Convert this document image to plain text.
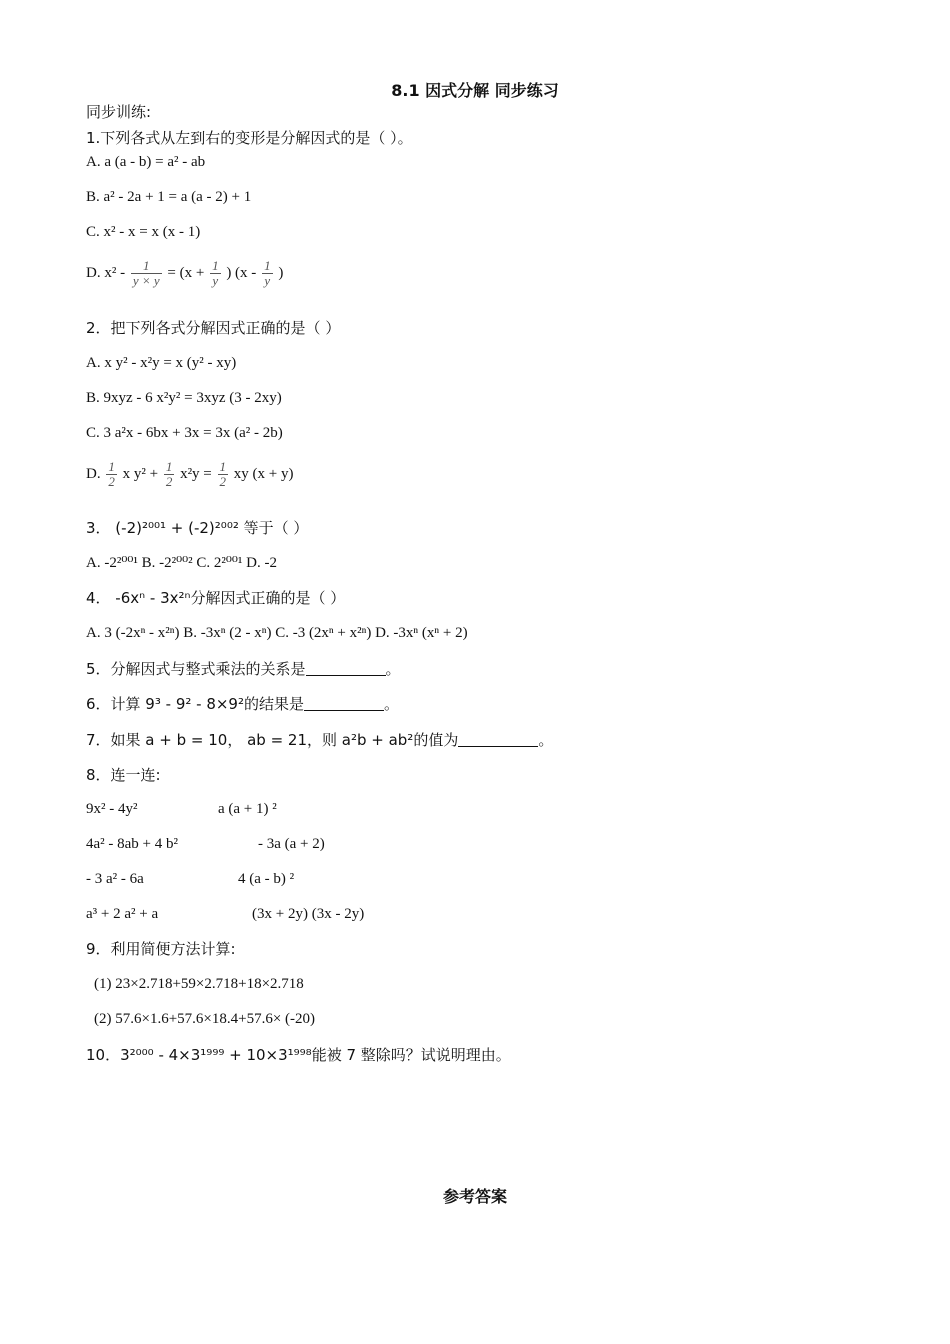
8.1 因式分解 同步练习
同步训练:
1.下列各式从左到右的变形是分解因式的是（ ）。
A. a (a - b) = a² - ab
B. a² - 2a + 1 = a (a - 2) + 1
C. x² - x = x (x - 1)
D. $x^2 - \frac{1}{y \times y} = (x + \frac{1}{y}$ ) ($x - \frac{1}{y}$ )
2．把下列各式分解因式正确的是（ ）
A. x y² - x²y = x (y² - xy)
B. 9xyz - 6 x²y² = 3xyz (3 - 2xy)
C. 3 a²x - 6bx + 3x = 3x (a² - 2b)
D. $\frac{1}{2}$ x $y^2 + \frac{1}{2} x^2y = \frac{1}{2}$ xy (x + y)
3． (-2)²⁰⁰¹ + (-2)²⁰⁰² 等于（ ）
A. -2²⁰⁰¹ B. -2²⁰⁰² C. 2²⁰⁰¹ D. -2
4． -6xⁿ - 3x²ⁿ分解因式正确的是（ ）
A. 3 (-2xⁿ - x²ⁿ) B. -3xⁿ (2 - xⁿ) C. -3 (2xⁿ + x²ⁿ) D. -3xⁿ (xⁿ + 2)
5．分解因式与整式乘法的关系是	。
6．计算 9³ - 9² - 8×9²的结果是	。
7．如果 a + b = 10， ab = 21，则 a²b + ab²的值为	。
8．连一连:
9x² - 4y²	a (a + 1) ²
4a² - 8ab + 4 b²	- 3a (a + 2)
- 3 a² - 6a	4 (a - b) ²
a³ + 2 a² + a	(3x + 2y) (3x - 2y)
9．利用简便方法计算:
(1) 23×2.718+59×2.718+18×2.718
(2) 57.6×1.6+57.6×18.4+57.6× (-20)
10．3²⁰⁰⁰ - 4×3¹⁹⁹⁹ + 10×3¹⁹⁹⁸能被 7 整除吗？试说明理由。
参考答案
